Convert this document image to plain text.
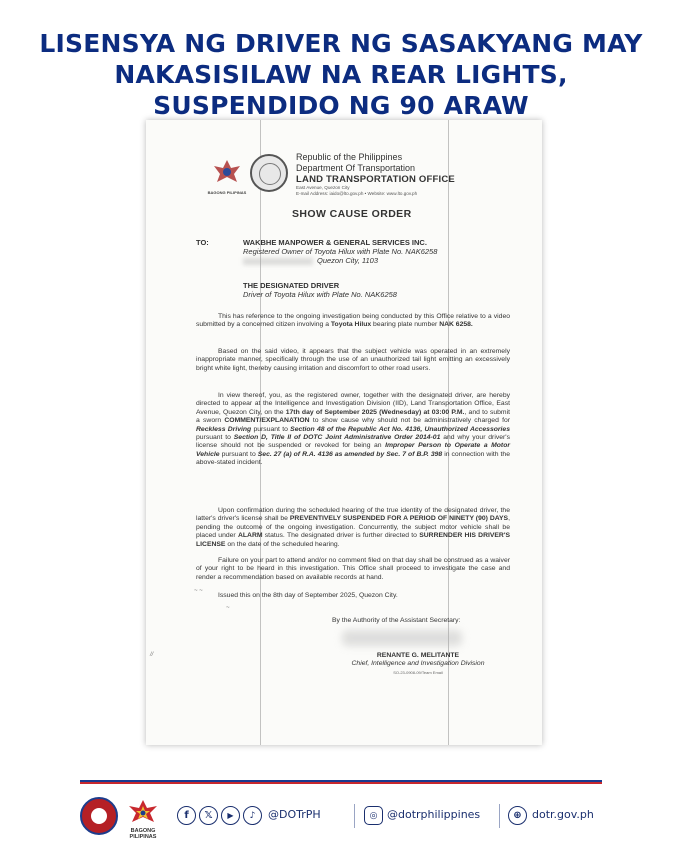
LISENSYA NG DRIVER NG SASAKYANG MAY
NAKASISILAW NA REAR LIGHTS,
SUSPENDIDO NG 90 ARAW
BAGONG PILIPINAS
Republic of the Philippines
Department Of Transportation
LAND TRANSPORTATION OFFICE
East Avenue, Quezon City
E-mail Address: iaido@lto.gov.ph • Website: www.lto.gov.ph
SHOW CAUSE ORDER
TO:	WAKBHE MANPOWER & GENERAL SERVICES INC.
Registered Owner of Toyota Hilux with Plate No. NAK6258
Quezon City, 1103
THE DESIGNATED DRIVER
Driver of Toyota Hilux with Plate No. NAK6258
This has reference to the ongoing investigation being conducted by this Office relative to a video submitted by a concerned citizen involving a Toyota Hilux bearing plate number NAK 6258.
Based on the said video, it appears that the subject vehicle was operated in an extremely inappropriate manner, specifically through the use of an unauthorized tail light emitting an excessively bright white light, thereby causing irritation and discomfort to other road users.
In view thereof, you, as the registered owner, together with the designated driver, are hereby directed to appear at the Intelligence and Investigation Division (IID), Land Transportation Office, East Avenue, Quezon City, on the 17th day of September 2025 (Wednesday) at 03:00 P.M., and to submit a sworn COMMENT/EXPLANATION to show cause why should not be administratively charged for Reckless Driving pursuant to Section 48 of the Republic Act No. 4136, Unauthorized Accessories pursuant to Section D, Title II of DOTC Joint Administrative Order 2014-01 and why your driver's license should not be suspended or revoked for being an Improper Person to Operate a Motor Vehicle pursuant to Sec. 27 (a) of R.A. 4136 as amended by Sec. 7 of B.P. 398 in connection with the above-stated incident.
Upon confirmation during the scheduled hearing of the true identity of the designated driver, the latter's driver's license shall be PREVENTIVELY SUSPENDED FOR A PERIOD OF NINETY (90) DAYS, pending the outcome of the ongoing investigation. Concurrently, the subject motor vehicle shall be placed under ALARM status. The designated driver is further directed to SURRENDER HIS DRIVER'S LICENSE on the date of the scheduled hearing.
Failure on your part to attend and/or no comment filed on that day shall be construed as a waiver of your right to be heard in this investigation. This Office shall proceed to investigate the case and render a recommendation based on available records at hand.
Issued this on the 8th day of September 2025, Quezon City.
By the Authority of the Assistant Secretary:
RENANTE G. MELITANTE
Chief, Intelligence and Investigation Division
SO-23-0908-09/Team Email
~ ~
~
//
BAGONG PILIPINAS
f	𝕏	▶	♪	@DOTrPH	◎ @dotrphilippines	⊕ dotr.gov.ph
